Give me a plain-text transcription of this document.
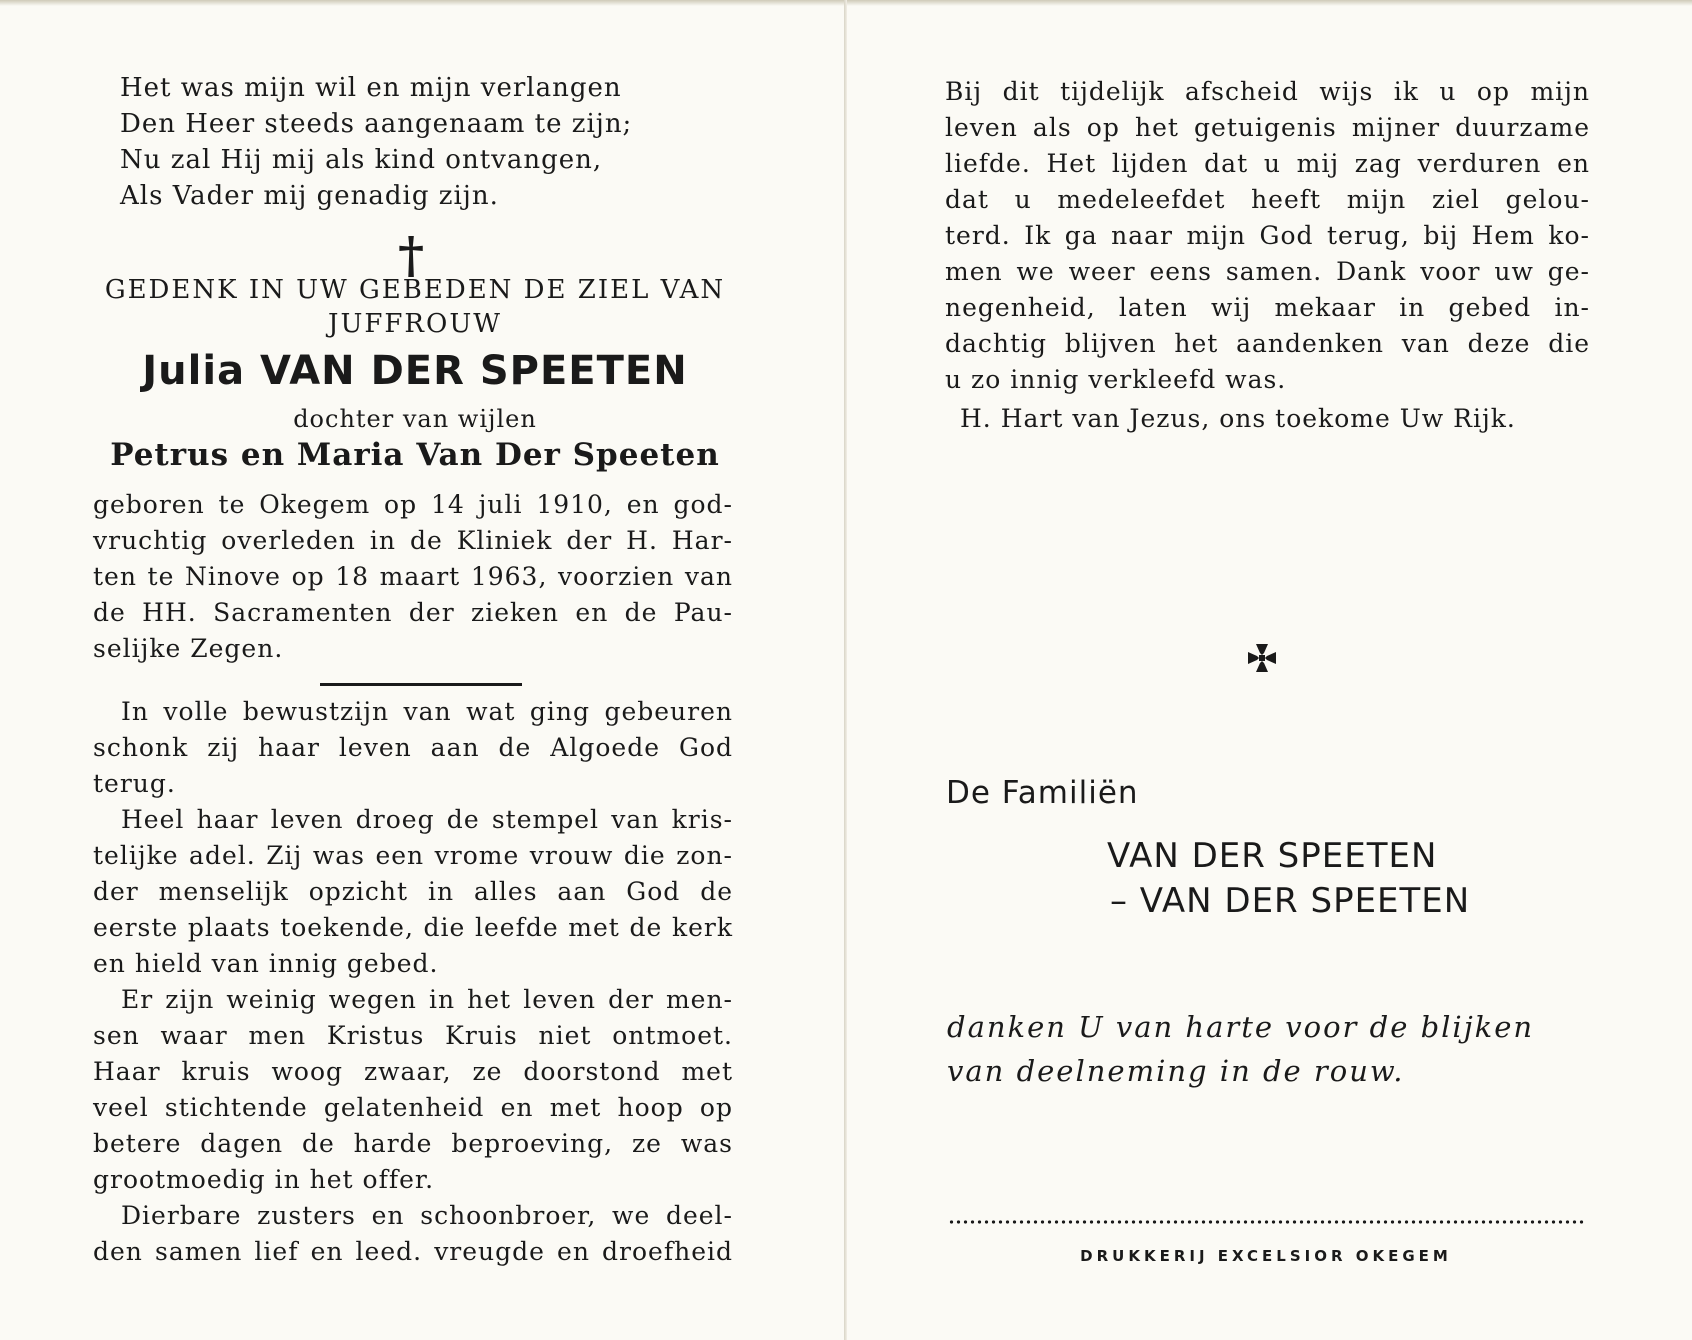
Het was mijn wil en mijn verlangen
Den Heer steeds aangenaam te zijn;
Nu zal Hij mij als kind ontvangen,
Als Vader mij genadig zijn.
†
GEDENK IN UW GEBEDEN DE ZIEL VAN
JUFFROUW
Julia VAN DER SPEETEN
dochter van wijlen
Petrus en Maria Van Der Speeten
geboren te Okegem op 14 juli 1910, en god-
vruchtig overleden in de Kliniek der H. Har-
ten te Ninove op 18 maart 1963, voorzien van
de HH. Sacramenten der zieken en de Pau-
selijke Zegen.
In volle bewustzijn van wat ging gebeuren
schonk zij haar leven aan de Algoede God
terug.
Heel haar leven droeg de stempel van kris-
telijke adel. Zij was een vrome vrouw die zon-
der menselijk opzicht in alles aan God de
eerste plaats toekende, die leefde met de kerk
en hield van innig gebed.
Er zijn weinig wegen in het leven der men-
sen waar men Kristus Kruis niet ontmoet.
Haar kruis woog zwaar, ze doorstond met
veel stichtende gelatenheid en met hoop op
betere dagen de harde beproeving, ze was
grootmoedig in het offer.
Dierbare zusters en schoonbroer, we deel-
den samen lief en leed. vreugde en droefheid
Bij dit tijdelijk afscheid wijs ik u op mijn
leven als op het getuigenis mijner duurzame
liefde. Het lijden dat u mij zag verduren en
dat u medeleefdet heeft mijn ziel gelou-
terd. Ik ga naar mijn God terug, bij Hem ko-
men we weer eens samen. Dank voor uw ge-
negenheid, laten wij mekaar in gebed in-
dachtig blijven het aandenken van deze die
u zo innig verkleefd was.
H. Hart van Jezus, ons toekome Uw Rijk.
De Familiën
VAN DER SPEETEN
– VAN DER SPEETEN
danken U van harte voor de blijken
van deelneming in de rouw.
DRUKKERIJ EXCELSIOR OKEGEM
